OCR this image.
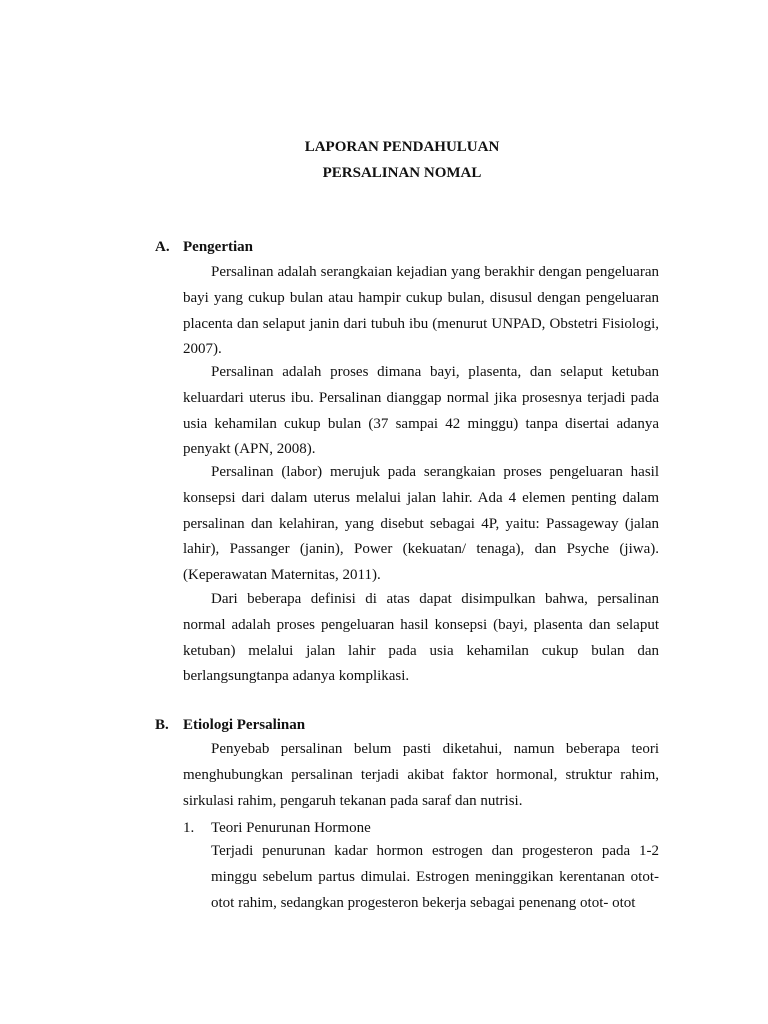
LAPORAN PENDAHULUAN
PERSALINAN NOMAL
A. Pengertian

Persalinan adalah serangkaian kejadian yang berakhir dengan pengeluaran bayi yang cukup bulan atau hampir cukup bulan, disusul dengan pengeluaran placenta dan selaput janin dari tubuh ibu (menurut UNPAD, Obstetri Fisiologi, 2007).

Persalinan adalah proses dimana bayi, plasenta, dan selaput ketuban keluardari uterus ibu. Persalinan dianggap normal jika prosesnya terjadi pada usia kehamilan cukup bulan (37 sampai 42 minggu) tanpa disertai adanya penyakt (APN, 2008).

Persalinan (labor) merujuk pada serangkaian proses pengeluaran hasil konsepsi dari dalam uterus melalui jalan lahir. Ada 4 elemen penting dalam persalinan dan kelahiran, yang disebut sebagai 4P, yaitu: Passageway (jalan lahir), Passanger (janin), Power (kekuatan/ tenaga), dan Psyche (jiwa). (Keperawatan Maternitas, 2011).

Dari beberapa definisi di atas dapat disimpulkan bahwa, persalinan normal adalah proses pengeluaran hasil konsepsi (bayi, plasenta dan selaput ketuban) melalui jalan lahir pada usia kehamilan cukup bulan dan berlangsungtanpa adanya komplikasi.

B. Etiologi Persalinan

Penyebab persalinan belum pasti diketahui, namun beberapa teori menghubungkan persalinan terjadi akibat faktor hormonal, struktur rahim, sirkulasi rahim, pengaruh tekanan pada saraf dan nutrisi.

1. Teori Penurunan Hormone

Terjadi penurunan kadar hormon estrogen dan progesteron pada 1-2 minggu sebelum partus dimulai. Estrogen meninggikan kerentanan otot-otot rahim, sedangkan progesteron bekerja sebagai penenang otot- otot
